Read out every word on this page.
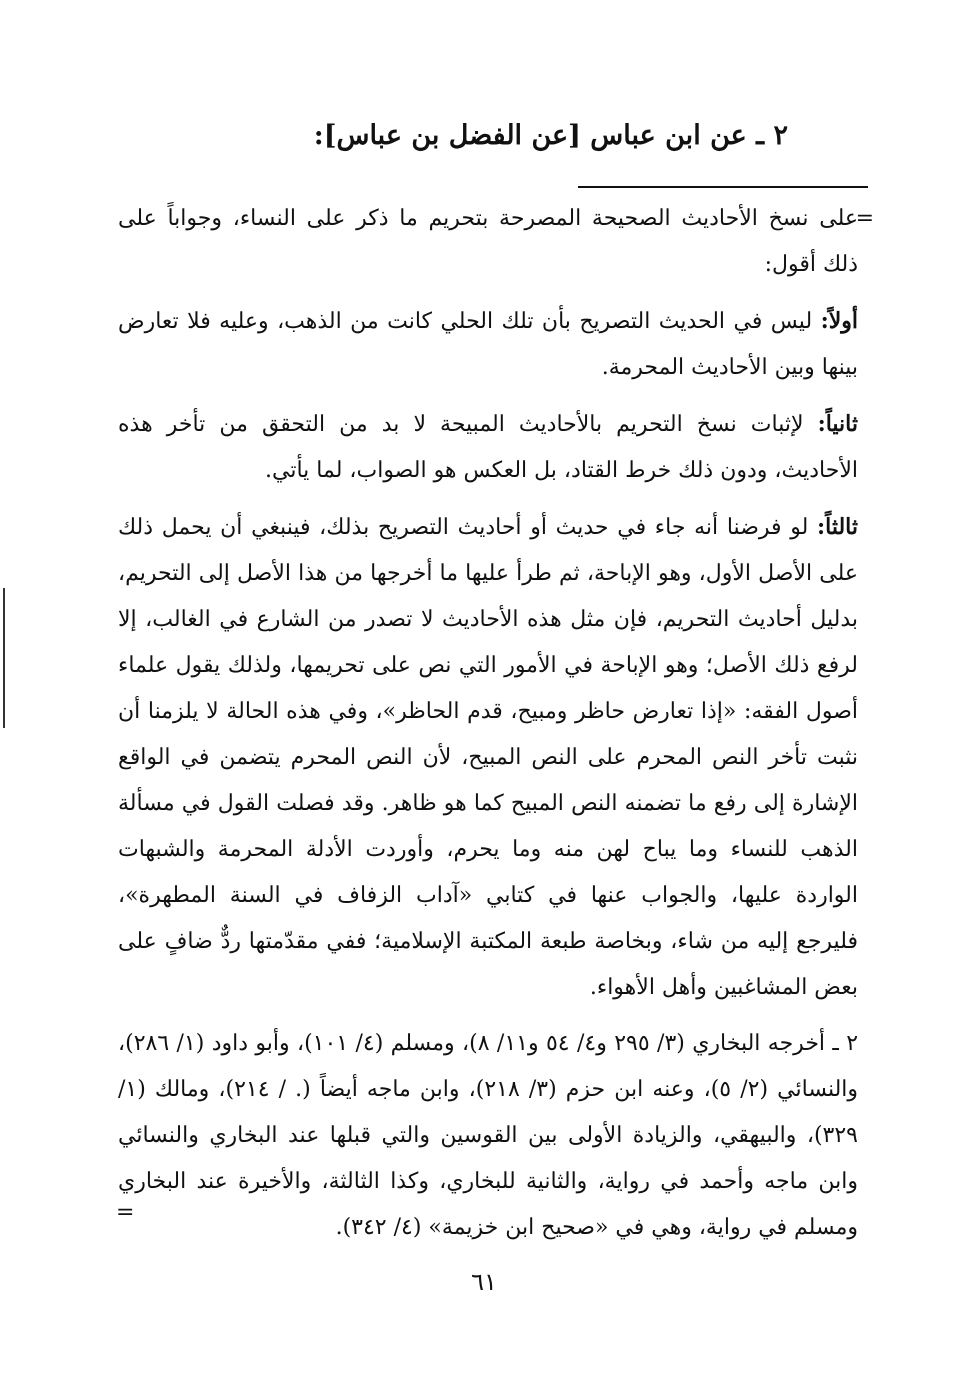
٢ ـ عن ابن عباس [عن الفضل بن عباس]:
=

على نسخ الأحاديث الصحيحة المصرحة بتحريم ما ذكر على النساء، وجواباً على ذلك أقول:

أولاً: ليس في الحديث التصريح بأن تلك الحلي كانت من الذهب، وعليه فلا تعارض بينها وبين الأحاديث المحرمة.

ثانياً: لإثبات نسخ التحريم بالأحاديث المبيحة لا بد من التحقق من تأخر هذه الأحاديث، ودون ذلك خرط القتاد، بل العكس هو الصواب، لما يأتي.

ثالثاً: لو فرضنا أنه جاء في حديث أو أحاديث التصريح بذلك، فينبغي أن يحمل ذلك على الأصل الأول، وهو الإباحة، ثم طرأ عليها ما أخرجها من هذا الأصل إلى التحريم، بدليل أحاديث التحريم، فإن مثل هذه الأحاديث لا تصدر من الشارع في الغالب، إلا لرفع ذلك الأصل؛ وهو الإباحة في الأمور التي نص على تحريمها، ولذلك يقول علماء أصول الفقه: «إذا تعارض حاظر ومبيح، قدم الحاظر»، وفي هذه الحالة لا يلزمنا أن نثبت تأخر النص المحرم على النص المبيح، لأن النص المحرم يتضمن في الواقع الإشارة إلى رفع ما تضمنه النص المبيح كما هو ظاهر. وقد فصلت القول في مسألة الذهب للنساء وما يباح لهن منه وما يحرم، وأوردت الأدلة المحرمة والشبهات الواردة عليها، والجواب عنها في كتابي «آداب الزفاف في السنة المطهرة»، فليرجع إليه من شاء، وبخاصة طبعة المكتبة الإسلامية؛ ففي مقدّمتها ردٌّ ضافٍ على بعض المشاغبين وأهل الأهواء.

٢ ـ أخرجه البخاري (٣/ ٢٩٥ و٤/ ٥٤ و١١/ ٨)، ومسلم (٤/ ١٠١)، وأبو داود (١/ ٢٨٦)، والنسائي (٢/ ٥)، وعنه ابن حزم (٣/ ٢١٨)، وابن ماجه أيضاً (. / ٢١٤)، ومالك (١/ ٣٢٩)، والبيهقي، والزيادة الأولى بين القوسين والتي قبلها عند البخاري والنسائي وابن ماجه وأحمد في رواية، والثانية للبخاري، وكذا الثالثة، والأخيرة عند البخاري ومسلم في رواية، وهي في «صحيح ابن خزيمة» (٤/ ٣٤٢).

=
٦١
